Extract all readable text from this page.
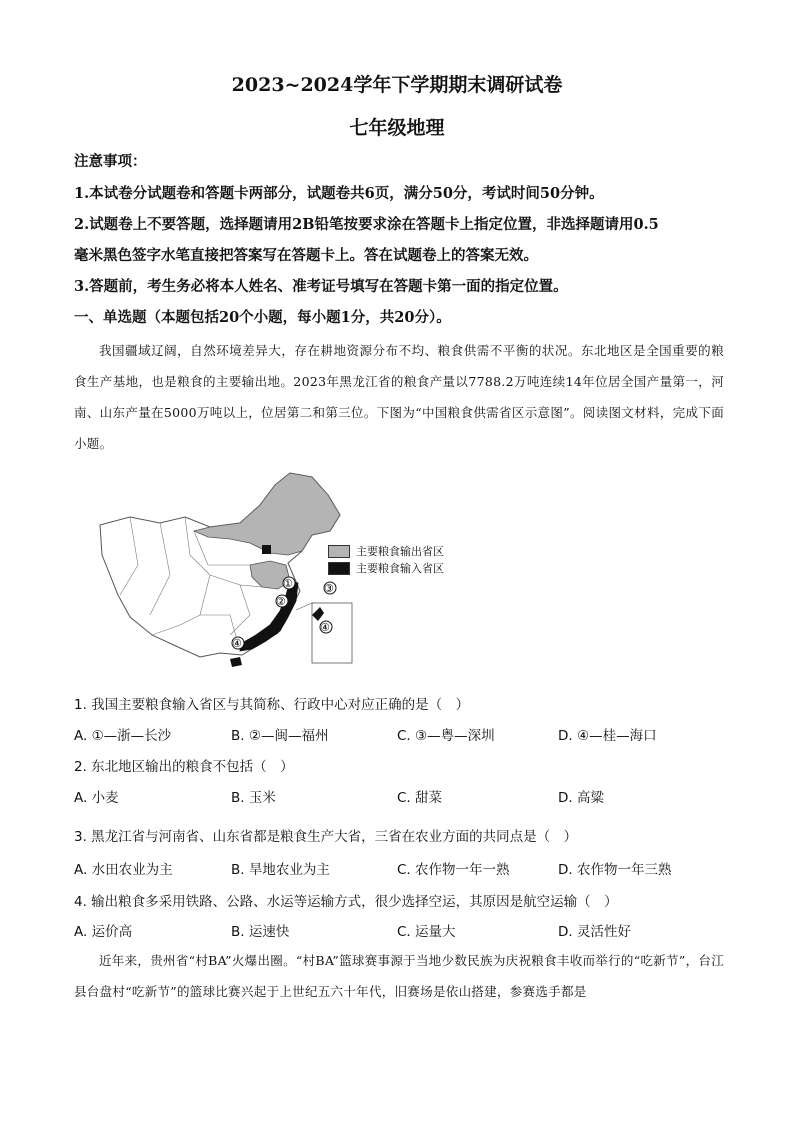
2023~2024学年下学期期末调研试卷
七年级地理
注意事项：
1.本试卷分试题卷和答题卡两部分，试题卷共6页，满分50分，考试时间50分钟。
2.试题卷上不要答题，选择题请用2B铅笔按要求涂在答题卡上指定位置，非选择题请用0.5
毫米黑色签字水笔直接把答案写在答题卡上。答在试题卷上的答案无效。
3.答题前，考生务必将本人姓名、准考证号填写在答题卡第一面的指定位置。
一、单选题（本题包括20个小题，每小题1分，共20分）。
我国疆域辽阔，自然环境差异大，存在耕地资源分布不均、粮食供需不平衡的状况。东北地区是全国重要的粮食生产基地，也是粮食的主要输出地。2023年黑龙江省的粮食产量以7788.2万吨连续14年位居全国产量第一，河南、山东产量在5000万吨以上，位居第二和第三位。下图为“中国粮食供需省区示意图”。阅读图文材料，完成下面小题。
①
②
③
④
④
主要粮食输出省区
主要粮食输入省区
1. 我国主要粮食输入省区与其简称、行政中心对应正确的是（　）
A. ①—浙—长沙	B. ②—闽—福州	C. ③—粤—深圳	D. ④—桂—海口
2. 东北地区输出的粮食不包括（　）
A. 小麦	B. 玉米	C. 甜菜	D. 高粱
3. 黑龙江省与河南省、山东省都是粮食生产大省，三省在农业方面的共同点是（　）
A. 水田农业为主	B. 旱地农业为主	C. 农作物一年一熟	D. 农作物一年三熟
4. 输出粮食多采用铁路、公路、水运等运输方式，很少选择空运，其原因是航空运输（　）
A. 运价高	B. 运速快	C. 运量大	D. 灵活性好
近年来，贵州省“村BA”火爆出圈。“村BA”篮球赛事源于当地少数民族为庆祝粮食丰收而举行的“吃新节”，台江县台盘村“吃新节”的篮球比赛兴起于上世纪五六十年代，旧赛场是依山搭建，参赛选手都是
